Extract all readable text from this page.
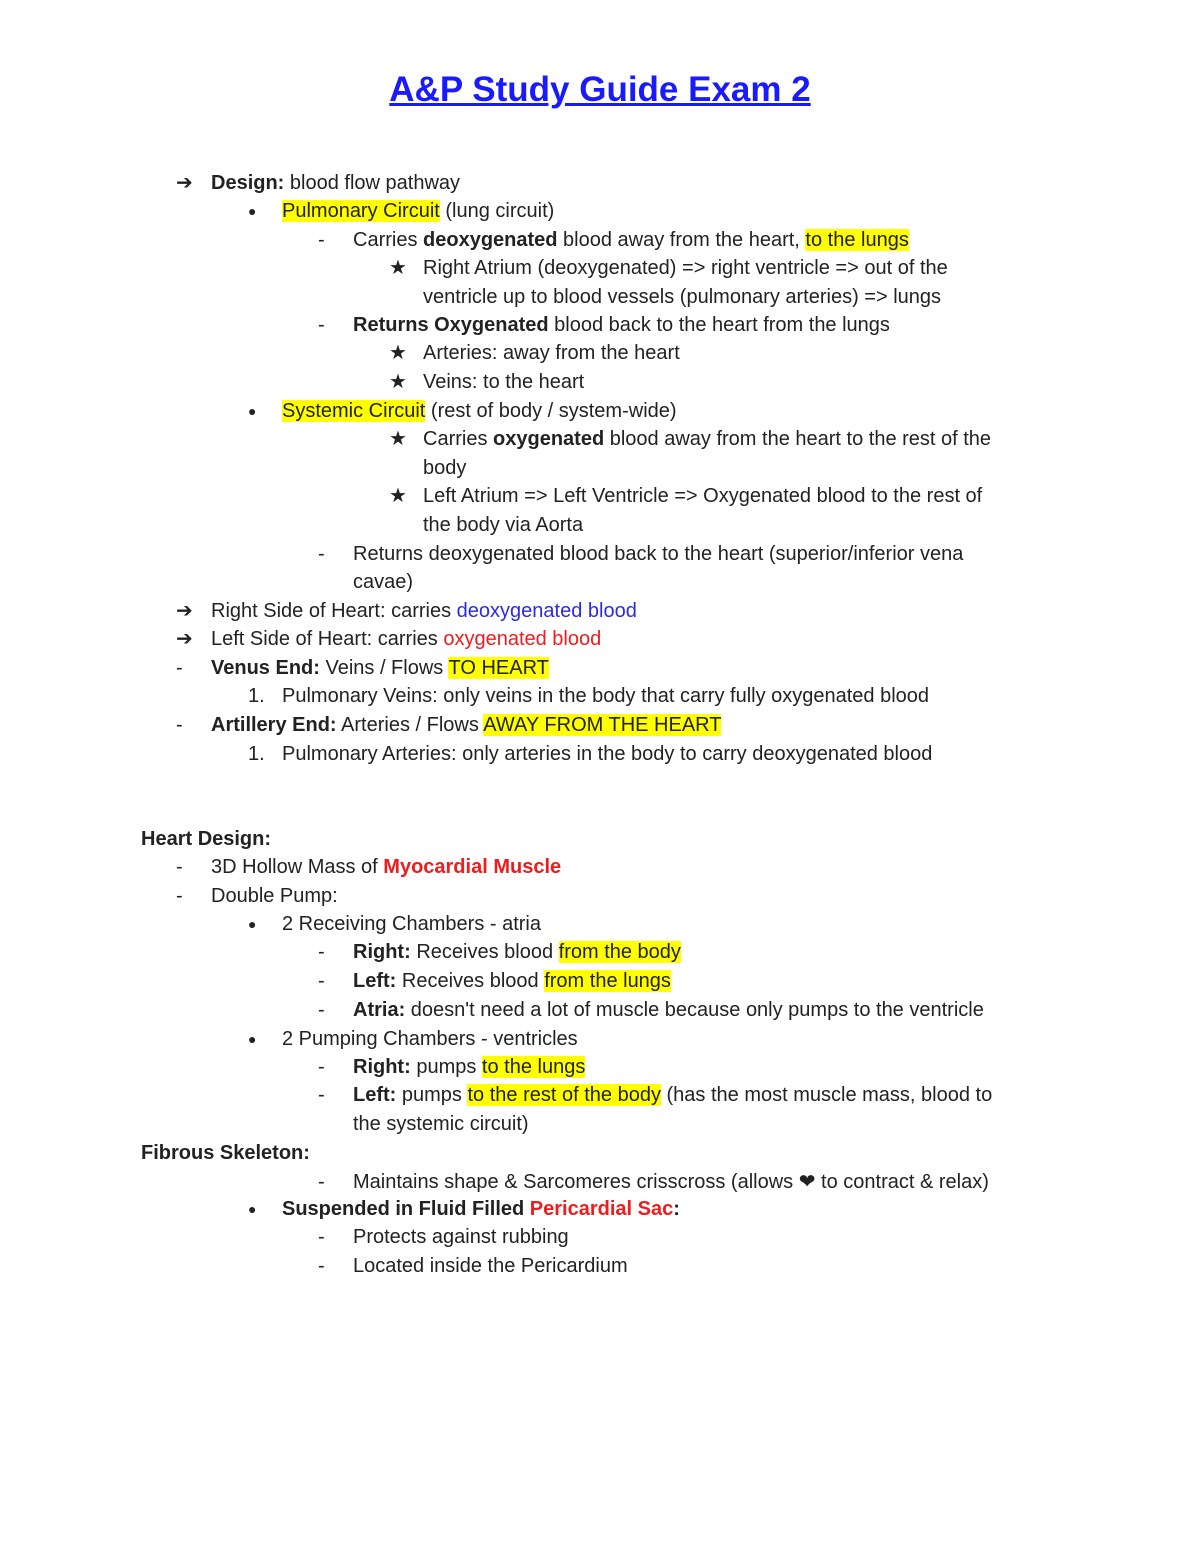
A&P Study Guide Exam 2
➔ Design: blood flow pathway
● Pulmonary Circuit (lung circuit)
- Carries deoxygenated blood away from the heart, to the lungs
★ Right Atrium (deoxygenated) => right ventricle => out of the
ventricle up to blood vessels (pulmonary arteries) => lungs
- Returns Oxygenated blood back to the heart from the lungs
★ Arteries: away from the heart
★ Veins: to the heart
● Systemic Circuit (rest of body / system-wide)
★ Carries oxygenated blood away from the heart to the rest of the
body
★ Left Atrium => Left Ventricle => Oxygenated blood to the rest of
the body via Aorta
- Returns deoxygenated blood back to the heart (superior/inferior vena
cavae)
➔ Right Side of Heart: carries deoxygenated blood
➔ Left Side of Heart: carries oxygenated blood
- Venus End: Veins / Flows TO HEART
1. Pulmonary Veins: only veins in the body that carry fully oxygenated blood
- Artillery End: Arteries / Flows AWAY FROM THE HEART
1. Pulmonary Arteries: only arteries in the body to carry deoxygenated blood
Heart Design:
- 3D Hollow Mass of Myocardial Muscle
- Double Pump:
● 2 Receiving Chambers - atria
- Right: Receives blood from the body
- Left: Receives blood from the lungs
- Atria: doesn't need a lot of muscle because only pumps to the ventricle
● 2 Pumping Chambers - ventricles
- Right: pumps to the lungs
- Left: pumps to the rest of the body (has the most muscle mass, blood to
the systemic circuit)
Fibrous Skeleton:
- Maintains shape & Sarcomeres crisscross (allows ❤ to contract & relax)
● Suspended in Fluid Filled Pericardial Sac:
- Protects against rubbing
- Located inside the Pericardium
